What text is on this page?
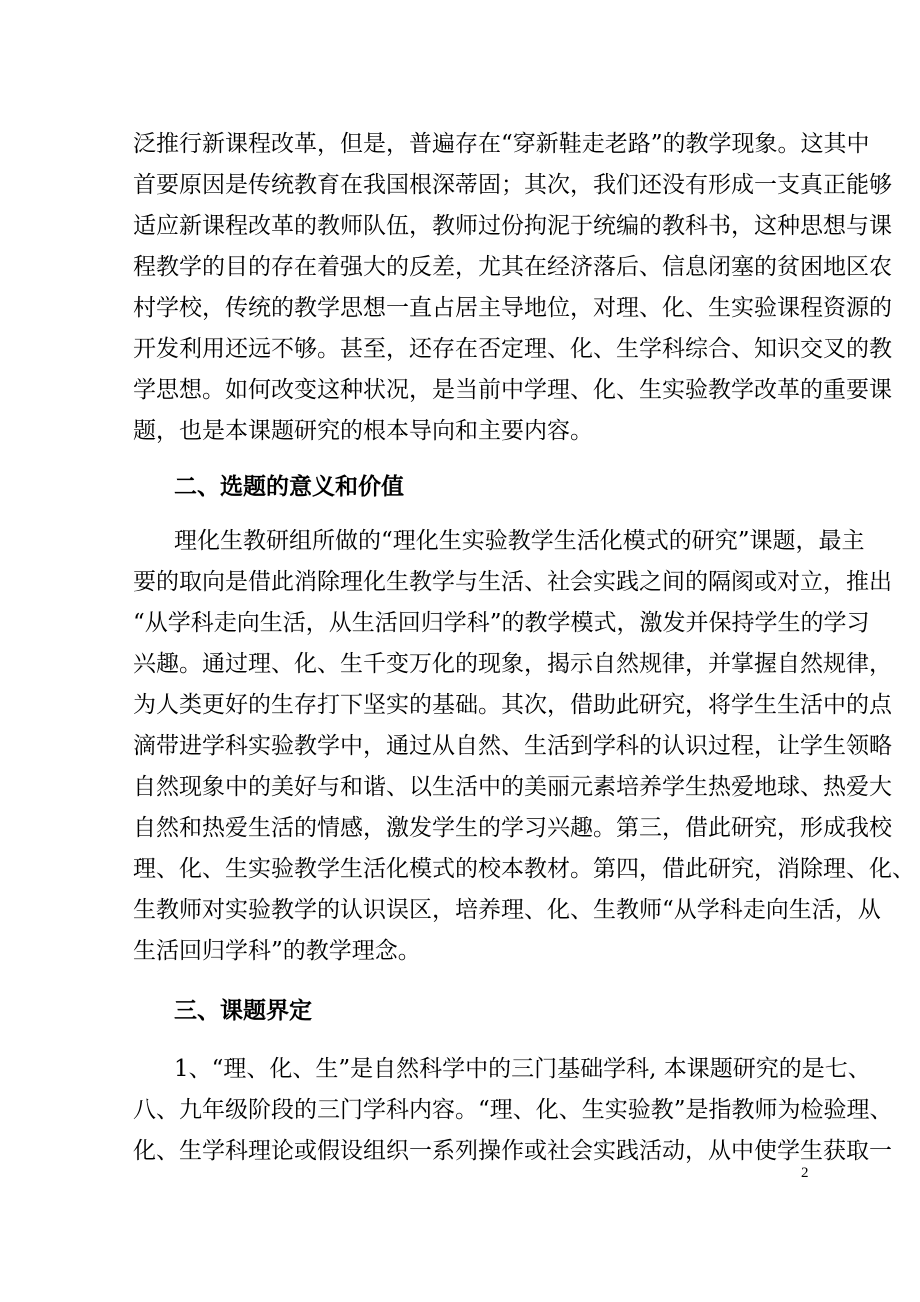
泛推行新课程改革，但是，普遍存在“穿新鞋走老路”的教学现象。这其中
首要原因是传统教育在我国根深蒂固；其次，我们还没有形成一支真正能够
适应新课程改革的教师队伍，教师过份拘泥于统编的教科书，这种思想与课
程教学的目的存在着强大的反差，尤其在经济落后、信息闭塞的贫困地区农
村学校，传统的教学思想一直占居主导地位，对理、化、生实验课程资源的
开发利用还远不够。甚至，还存在否定理、化、生学科综合、知识交叉的教
学思想。如何改变这种状况，是当前中学理、化、生实验教学改革的重要课
题，也是本课题研究的根本导向和主要内容。
二、选题的意义和价值
理化生教研组所做的“理化生实验教学生活化模式的研究”课题，最主
要的取向是借此消除理化生教学与生活、社会实践之间的隔阂或对立，推出
“从学科走向生活，从生活回归学科”的教学模式，激发并保持学生的学习
兴趣。通过理、化、生千变万化的现象，揭示自然规律，并掌握自然规律，
为人类更好的生存打下坚实的基础。其次，借助此研究，将学生生活中的点
滴带进学科实验教学中，通过从自然、生活到学科的认识过程，让学生领略
自然现象中的美好与和谐、以生活中的美丽元素培养学生热爱地球、热爱大
自然和热爱生活的情感，激发学生的学习兴趣。第三，借此研究，形成我校
理、化、生实验教学生活化模式的校本教材。第四，借此研究，消除理、化、
生教师对实验教学的认识误区，培养理、化、生教师“从学科走向生活，从
生活回归学科”的教学理念。
三、课题界定
1、“理、化、生”是自然科学中的三门基础学科, 本课题研究的是七、
八、九年级阶段的三门学科内容。“理、化、生实验教”是指教师为检验理、
化、生学科理论或假设组织一系列操作或社会实践活动，从中使学生获取一
2
